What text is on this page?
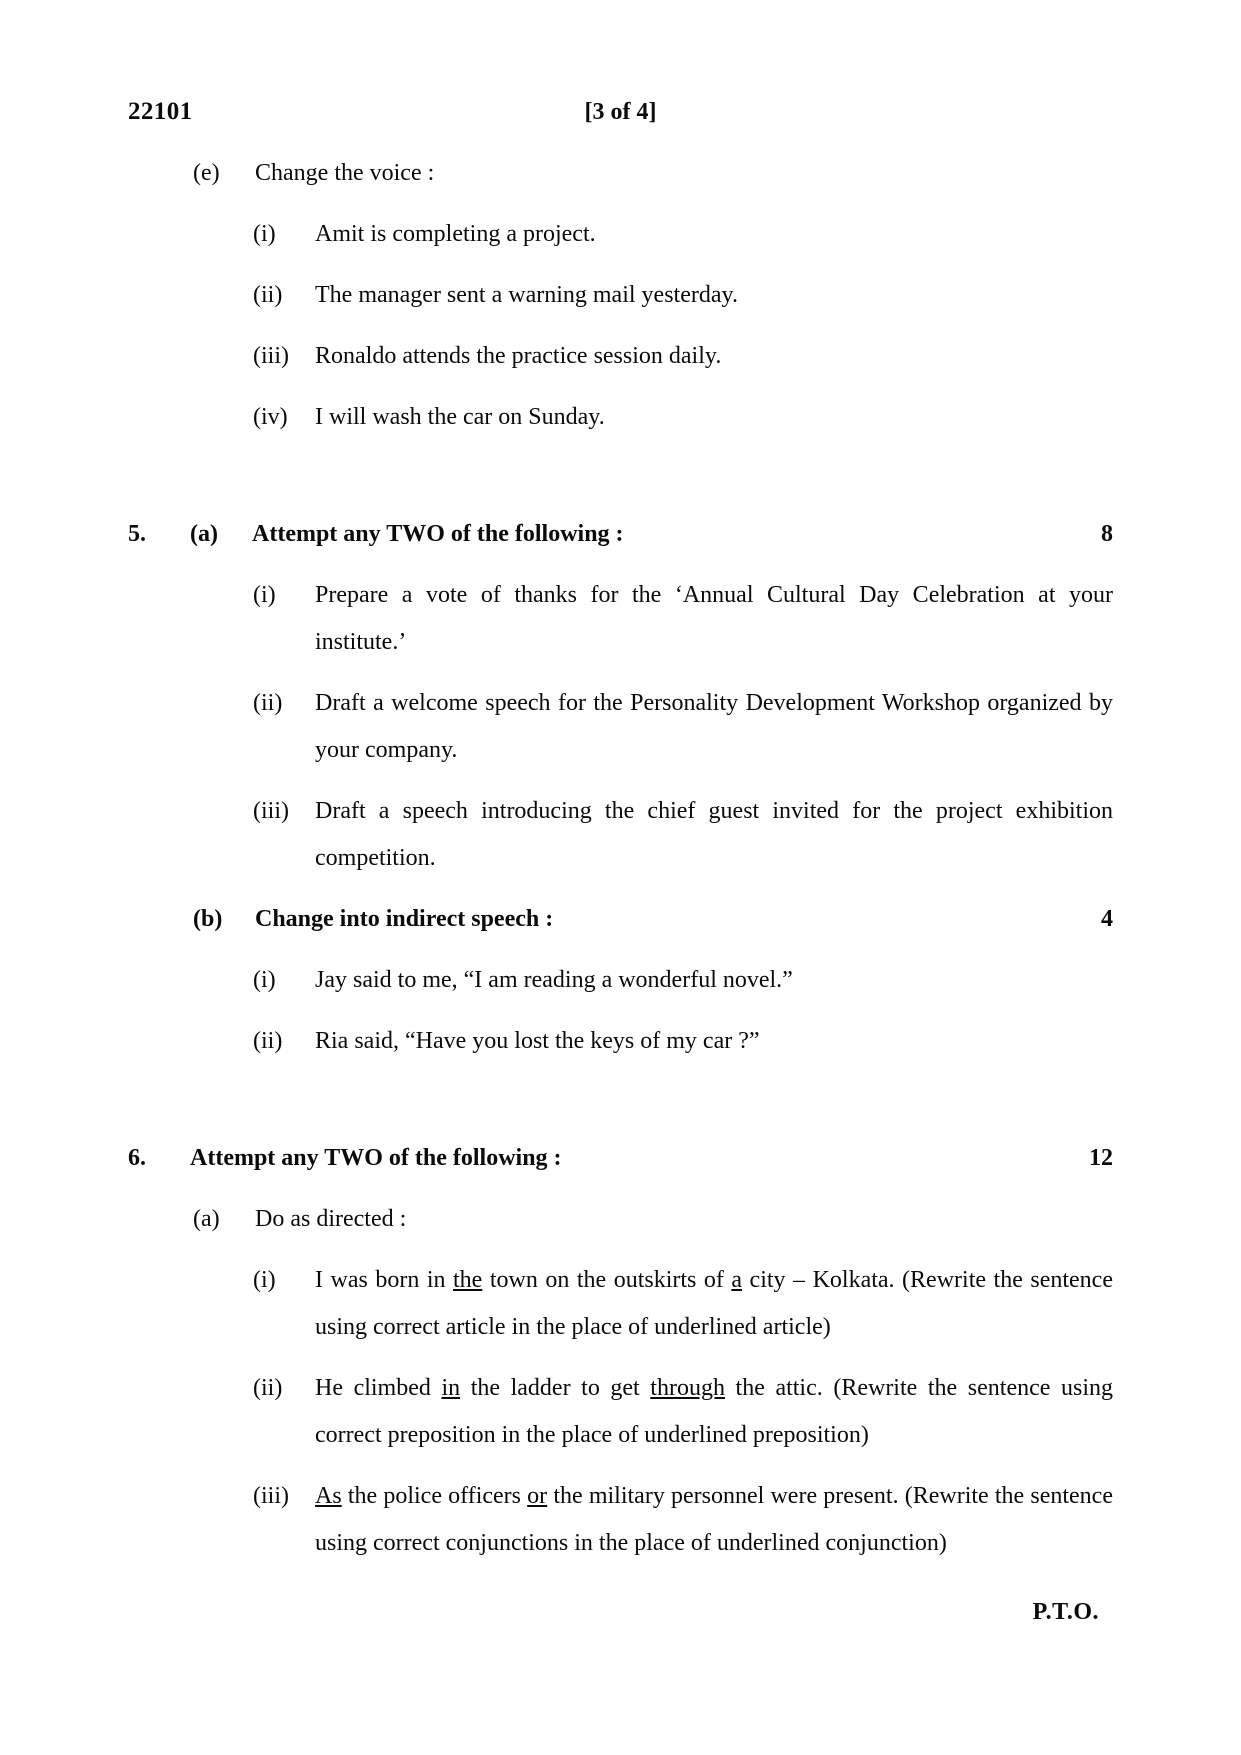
22101	[3 of 4]
(e)	Change the voice :
(i)	Amit is completing a project.
(ii)	The manager sent a warning mail yesterday.
(iii)	Ronaldo attends the practice session daily.
(iv)	I will wash the car on Sunday.
5.	(a)	Attempt any TWO of the following :	8
(i)	Prepare a vote of thanks for the ‘Annual Cultural Day Celebration at your institute.’
(ii)	Draft a welcome speech for the Personality Development Workshop organized by your company.
(iii)	Draft a speech introducing the chief guest invited for the project exhibition competition.
(b)	Change into indirect speech :	4
(i)	Jay said to me, “I am reading a wonderful novel.”
(ii)	Ria said, “Have you lost the keys of my car ?”
6.	Attempt any TWO of the following :	12
(a)	Do as directed :
(i)	I was born in the town on the outskirts of a city – Kolkata. (Rewrite the sentence using correct article in the place of underlined article)
(ii)	He climbed in the ladder to get through the attic. (Rewrite the sentence using correct preposition in the place of underlined preposition)
(iii)	As the police officers or the military personnel were present. (Rewrite the sentence using correct conjunctions in the place of underlined conjunction)
P.T.O.
